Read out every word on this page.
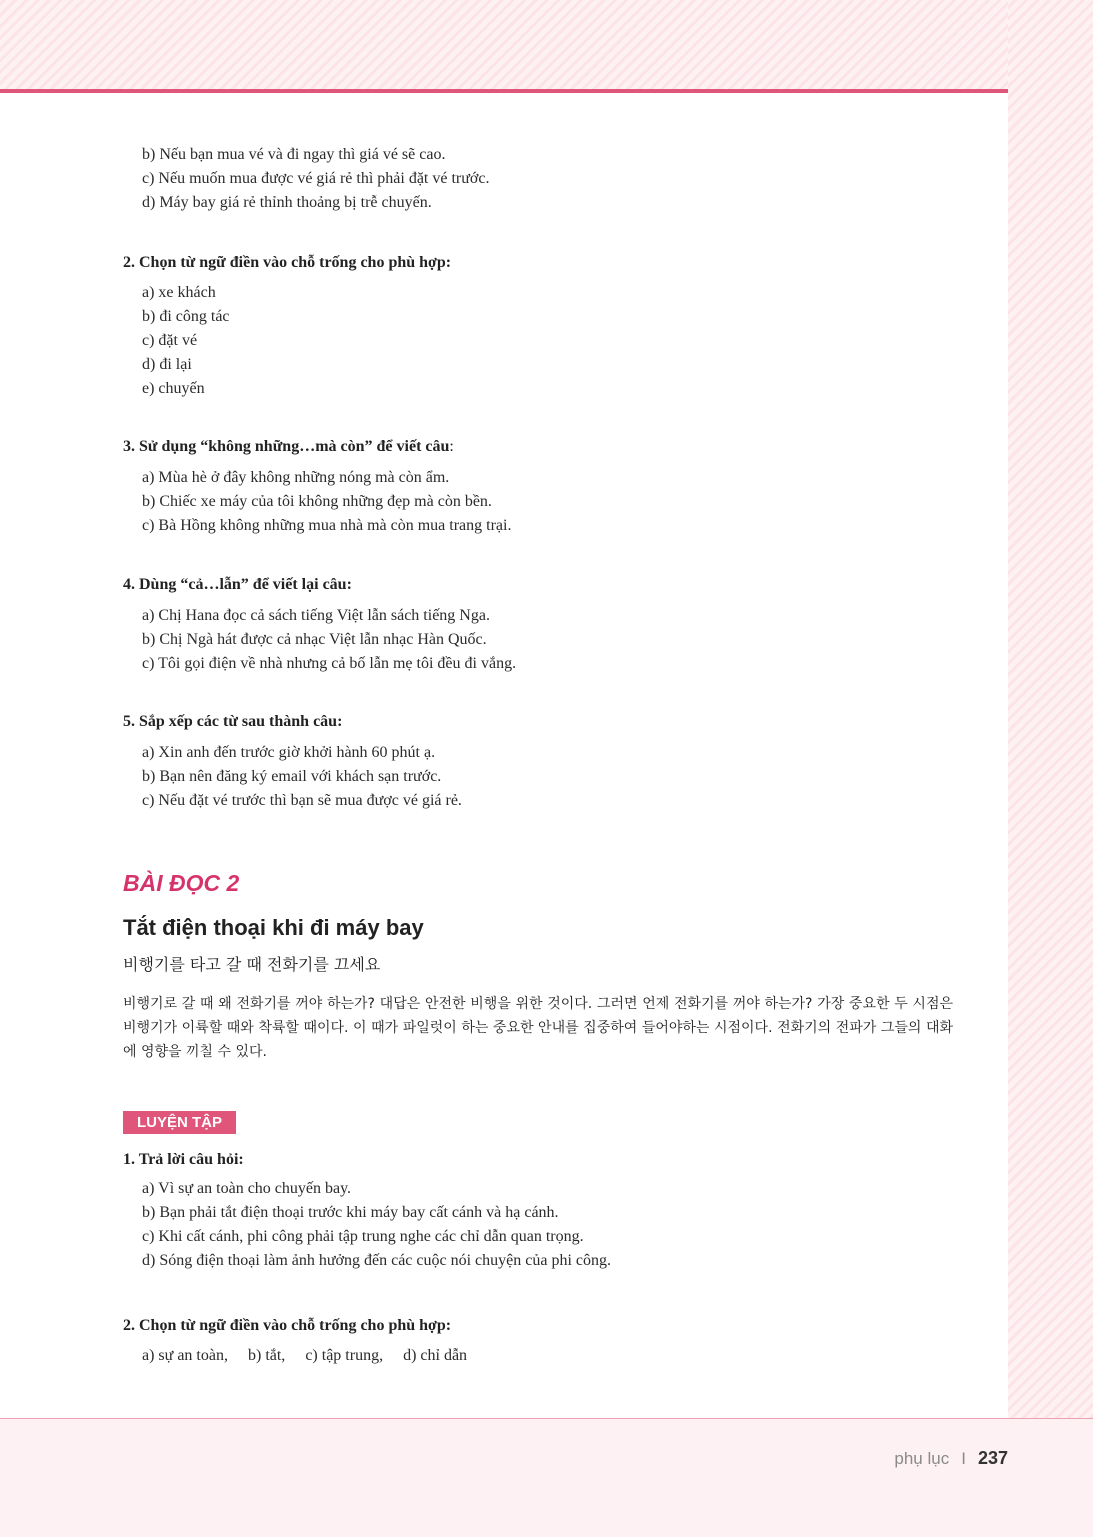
b) Nếu bạn mua vé và đi ngay thì giá vé sẽ cao.
c) Nếu muốn mua được vé giá rẻ thì phải đặt vé trước.
d) Máy bay giá rẻ thỉnh thoảng bị trễ chuyến.
2. Chọn từ ngữ điền vào chỗ trống cho phù hợp:
a) xe khách
b) đi công tác
c) đặt vé
d) đi lại
e) chuyến
3. Sử dụng “không những…mà còn” để viết câu:
a) Mùa hè ở đây không những nóng mà còn ẩm.
b) Chiếc xe máy của tôi không những đẹp mà còn bền.
c) Bà Hồng không những mua nhà mà còn mua trang trại.
4. Dùng “cả…lẫn” để viết lại câu:
a) Chị Hana đọc cả sách tiếng Việt lẫn sách tiếng Nga.
b) Chị Ngà hát được cả nhạc Việt lẫn nhạc Hàn Quốc.
c) Tôi gọi điện về nhà nhưng cả bố lẫn mẹ tôi đều đi vắng.
5. Sắp xếp các từ sau thành câu:
a) Xin anh đến trước giờ khởi hành 60 phút ạ.
b) Bạn nên đăng ký email với khách sạn trước.
c) Nếu đặt vé trước thì bạn sẽ mua được vé giá rẻ.
BÀI ĐỌC 2
Tắt điện thoại khi đi máy bay
비행기를 타고 갈 때 전화기를 끄세요
비행기로 갈 때 왜 전화기를 꺼야 하는가? 대답은 안전한 비행을 위한 것이다. 그러면 언제 전화기를 꺼야 하는가? 가장 중요한 두 시점은 비행기가 이륙할 때와 착륙할 때이다. 이 때가 파일럿이 하는 중요한 안내를 집중하여 들어야하는 시점이다. 전화기의 전파가 그들의 대화에 영향을 끼칠 수 있다.
LUYỆN TẬP
1. Trả lời câu hỏi:
a) Vì sự an toàn cho chuyến bay.
b) Bạn phải tắt điện thoại trước khi máy bay cất cánh và hạ cánh.
c) Khi cất cánh, phi công phải tập trung nghe các chỉ dẫn quan trọng.
d) Sóng điện thoại làm ảnh hưởng đến các cuộc nói chuyện của phi công.
2. Chọn từ ngữ điền vào chỗ trống cho phù hợp:
a) sự an toàn, b) tắt, c) tập trung, d) chỉ dẫn
phụ lục I 237
